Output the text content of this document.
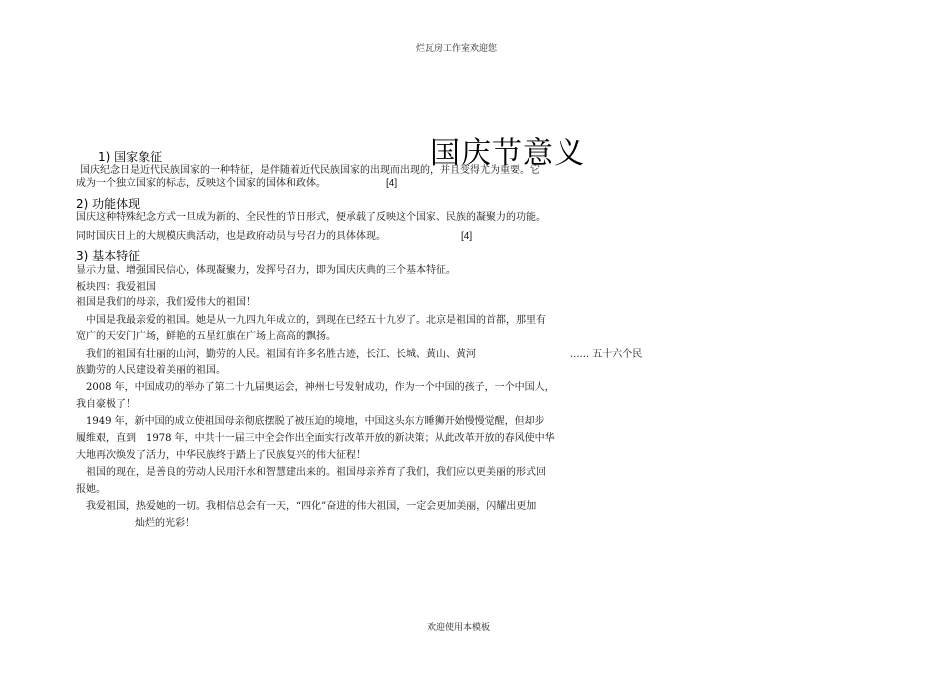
烂瓦房工作室欢迎您
国庆节意义
1) 国家象征
国庆纪念日是近代民族国家的一种特征，是伴随着近代民族国家的出现而出现的，并且变得尤为重要。它
成为一个独立国家的标志，反映这个国家的国体和政体。	[4]
2) 功能体现
国庆这种特殊纪念方式一旦成为新的、全民性的节日形式，便承载了反映这个国家、民族的凝聚力的功能。
同时国庆日上的大规模庆典活动，也是政府动员与号召力的具体体现。	[4]
3) 基本特征
显示力量、增强国民信心，体现凝聚力，发挥号召力，即为国庆庆典的三个基本特征。
板块四：我爱祖国
祖国是我们的母亲，我们爱伟大的祖国！
中国是我最亲爱的祖国。她是从一九四九年成立的，到现在已经五十九岁了。北京是祖国的首都，那里有
宽广的天安门广场，鲜艳的五星红旗在广场上高高的飘扬。
我们的祖国有壮丽的山河，勤劳的人民。祖国有许多名胜古迹，长江、长城、黄山、黄河	...... 五十六个民
族勤劳的人民建设着美丽的祖国。
2008 年，中国成功的举办了第二十九届奥运会，神州七号发射成功，作为一个中国的孩子，一个中国人，
我自豪极了！
1949 年，新中国的成立使祖国母亲彻底摆脱了被压迫的境地，中国这头东方睡狮开始慢慢觉醒，但却步
履维艰，直到　1978 年，中共十一届三中全会作出全面实行改革开放的新决策；从此改革开放的春风使中华
大地再次焕发了活力，中华民族终于踏上了民族复兴的伟大征程！
祖国的现在，是善良的劳动人民用汗水和智慧建出来的。祖国母亲养育了我们，我们应以更美丽的形式回
报她。
我爱祖国，热爱她的一切。我相信总会有一天，“四化”奋进的伟大祖国，一定会更加美丽，闪耀出更加
灿烂的光彩！
欢迎使用本模板
